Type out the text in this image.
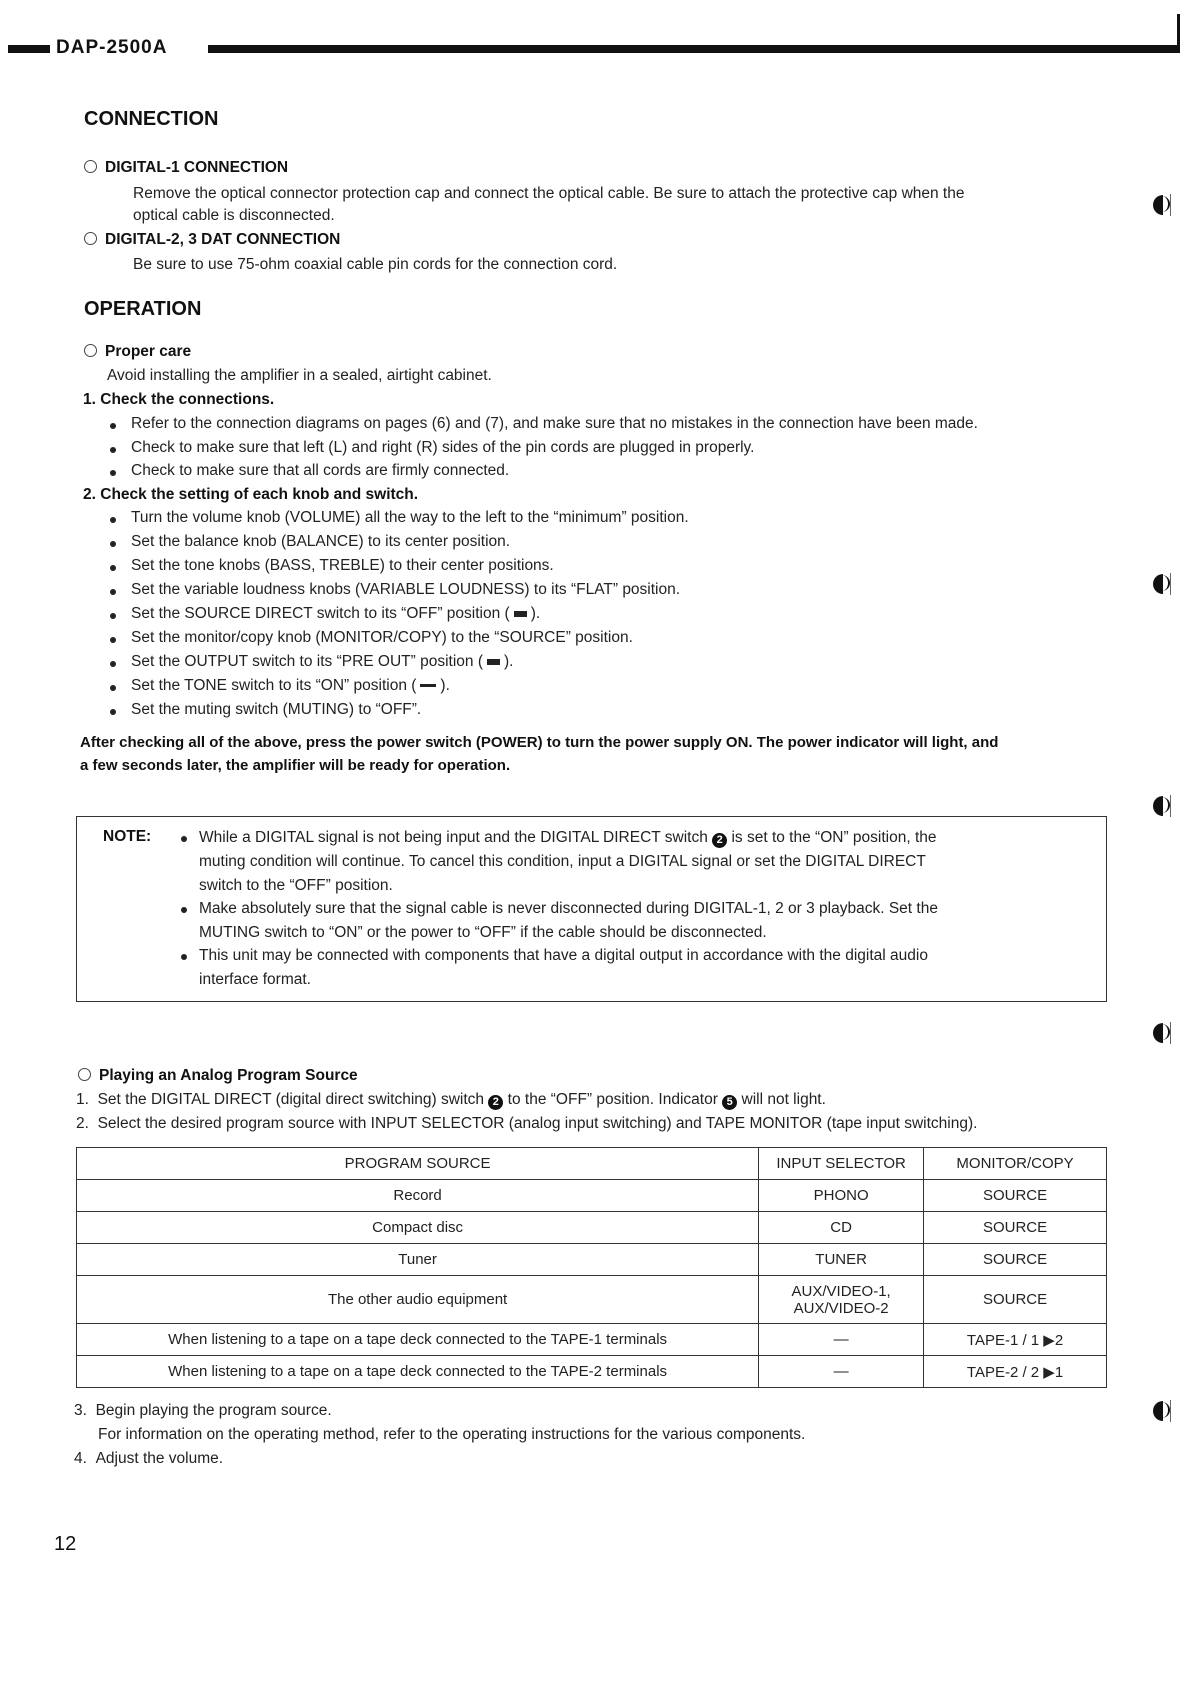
DAP-2500A
CONNECTION
DIGITAL-1 CONNECTION
Remove the optical connector protection cap and connect the optical cable. Be sure to attach the protective cap when the
optical cable is disconnected.
DIGITAL-2, 3 DAT CONNECTION
Be sure to use 75-ohm coaxial cable pin cords for the connection cord.
OPERATION
Proper care
Avoid installing the amplifier in a sealed, airtight cabinet.
1. Check the connections.
Refer to the connection diagrams on pages (6) and (7), and make sure that no mistakes in the connection have been made.
Check to make sure that left (L) and right (R) sides of the pin cords are plugged in properly.
Check to make sure that all cords are firmly connected.
2. Check the setting of each knob and switch.
Turn the volume knob (VOLUME) all the way to the left to the “minimum” position.
Set the balance knob (BALANCE) to its center position.
Set the tone knobs (BASS, TREBLE) to their center positions.
Set the variable loudness knobs (VARIABLE LOUDNESS) to its “FLAT” position.
Set the SOURCE DIRECT switch to its “OFF” position ( ).
Set the monitor/copy knob (MONITOR/COPY) to the “SOURCE” position.
Set the OUTPUT switch to its “PRE OUT” position ( ).
Set the TONE switch to its “ON” position ( ).
Set the muting switch (MUTING) to “OFF”.
After checking all of the above, press the power switch (POWER) to turn the power supply ON. The power indicator will light, and
a few seconds later, the amplifier will be ready for operation.
NOTE:	While a DIGITAL signal is not being input and the DIGITAL DIRECT switch 2 is set to the “ON” position, the
muting condition will continue. To cancel this condition, input a DIGITAL signal or set the DIGITAL DIRECT
switch to the “OFF” position.
Make absolutely sure that the signal cable is never disconnected during DIGITAL-1, 2 or 3 playback. Set the
MUTING switch to “ON” or the power to “OFF” if the cable should be disconnected.
This unit may be connected with components that have a digital output in accordance with the digital audio
interface format.
Playing an Analog Program Source
1. Set the DIGITAL DIRECT (digital direct switching) switch 2 to the “OFF” position. Indicator 5 will not light.
2. Select the desired program source with INPUT SELECTOR (analog input switching) and TAPE MONITOR (tape input switching).
PROGRAM SOURCE	INPUT SELECTOR	MONITOR/COPY
Record	PHONO	SOURCE
Compact disc	CD	SOURCE
Tuner	TUNER	SOURCE
The other audio equipment	AUX/VIDEO-1,
AUX/VIDEO-2	SOURCE
When listening to a tape on a tape deck connected to the TAPE-1 terminals	—	TAPE-1 / 1 ▶2
When listening to a tape on a tape deck connected to the TAPE-2 terminals	—	TAPE-2 / 2 ▶1
3. Begin playing the program source.
For information on the operating method, refer to the operating instructions for the various components.
4. Adjust the volume.
12
